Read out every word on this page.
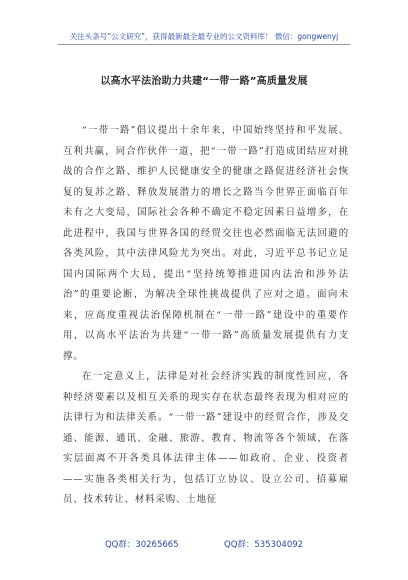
关注头条号“公文研究”，获得最新最全最专业的公文资料库！ 微信：gongwenyj
以高水平法治助力共建“一带一路”高质量发展

“一带一路”倡议提出十余年来，中国始终坚持和平发展、互利共赢，同合作伙伴一道，把“一带一路”打造成团结应对挑战的合作之路、维护人民健康安全的健康之路促进经济社会恢复的复苏之路、释放发展潜力的增长之路当今世界正面临百年未有之大变局，国际社会各种不确定不稳定因素日益增多，在此进程中，我国与世界各国的经贸交往也必然面临无法回避的各类风险，其中法律风险尤为突出。对此，习近平总书记立足国内国际两个大局，提出“坚持统筹推进国内法治和涉外法治”的重要论断，为解决全球性挑战提供了应对之道。面向未来，应高度重视法治保障机制在“一带一路”建设中的重要作用，以高水平法治为共建“一带一路”高质量发展提供有力支撑。

在一定意义上，法律是对社会经济实践的制度性回应，各种经济要素以及相互关系的现实存在状态最终表现为相对应的法律行为和法律关系。“一带一路”建设中的经贸合作，涉及交通、能源、通讯、金融、旅游、教育、物流等各个领域，在落实层面离不开各类具体法律主体——如政府、企业、投资者——实施各类相关行为，包括订立协议、设立公司、招募雇员、技术转让、材料采购、土地征

QQ群：30265665	QQ群：535304092
